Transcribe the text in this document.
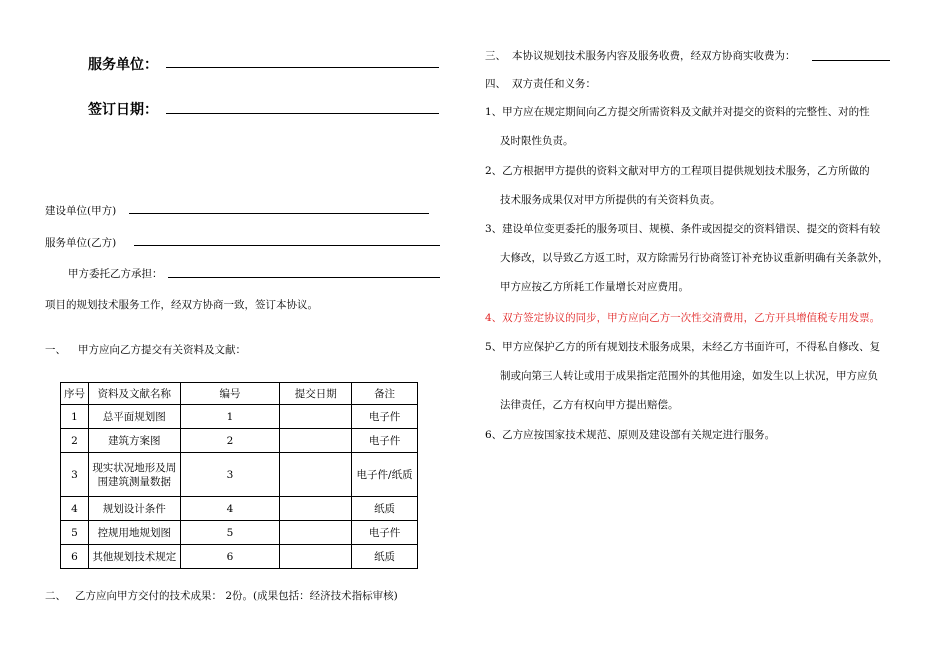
服务单位：
签订日期：
建设单位(甲方)
服务单位(乙方)
甲方委托乙方承担：
项目的规划技术服务工作，经双方协商一致，签订本协议。
一、 甲方应向乙方提交有关资料及文献：
序号	资料及文献名称	编号	提交日期	备注
1	总平面规划图	1		电子件
2	建筑方案图	2		电子件
3	现实状况地形及周
围建筑测量数据	3		电子件/纸质
4	规划设计条件	4		纸质
5	控规用地规划图	5		电子件
6	其他规划技术规定	6		纸质
二、 乙方应向甲方交付的技术成果： 2份。(成果包括：经济技术指标审核)
三、 本协议规划技术服务内容及服务收费，经双方协商实收费为：
四、 双方责任和义务：
1、甲方应在规定期间向乙方提交所需资料及文献并对提交的资料的完整性、对的性
及时限性负责。
2、乙方根据甲方提供的资料文献对甲方的工程项目提供规划技术服务，乙方所做的
技术服务成果仅对甲方所提供的有关资料负责。
3、建设单位变更委托的服务项目、规模、条件或因提交的资料错误、提交的资料有较
大修改，以导致乙方返工时，双方除需另行协商签订补充协议重新明确有关条款外，
甲方应按乙方所耗工作量增长对应费用。
4、双方签定协议的同步，甲方应向乙方一次性交清费用，乙方开具增值税专用发票。
5、甲方应保护乙方的所有规划技术服务成果，未经乙方书面许可，不得私自修改、复
制或向第三人转让或用于成果指定范围外的其他用途，如发生以上状况，甲方应负
法律责任，乙方有权向甲方提出赔偿。
6、乙方应按国家技术规范、原则及建设部有关规定进行服务。
